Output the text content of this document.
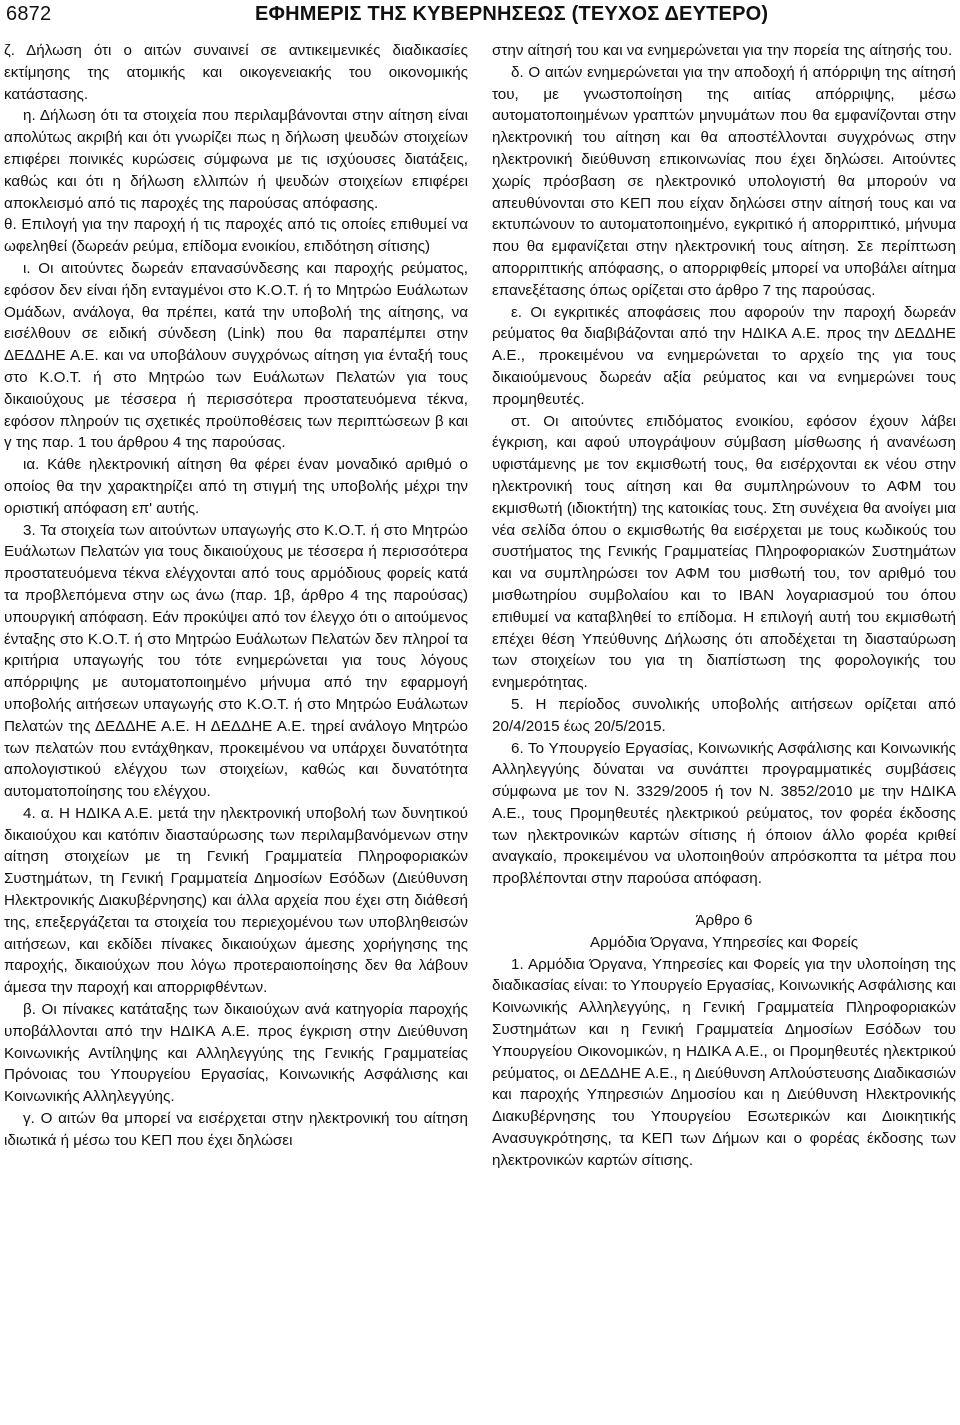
6872	ΕΦΗΜΕΡΙΣ ΤΗΣ ΚΥΒΕΡΝΗΣΕΩΣ (ΤΕΥΧΟΣ ΔΕΥΤΕΡΟ)

ζ. Δήλωση ότι ο αιτών συναινεί σε αντικειμενικές διαδικασίες εκτίμησης της ατομικής και οικογενειακής του οικονομικής κατάστασης.

η. Δήλωση ότι τα στοιχεία που περιλαμβάνονται στην αίτηση είναι απολύτως ακριβή και ότι γνωρίζει πως η δήλωση ψευδών στοιχείων επιφέρει ποινικές κυρώσεις σύμφωνα με τις ισχύουσες διατάξεις, καθώς και ότι η δήλωση ελλιπών ή ψευδών στοιχείων επιφέρει αποκλεισμό από τις παροχές της παρούσας απόφασης.

θ. Επιλογή για την παροχή ή τις παροχές από τις οποίες επιθυμεί να ωφεληθεί (δωρεάν ρεύμα, επίδομα ενοικίου, επιδότηση σίτισης)

ι. Οι αιτούντες δωρεάν επανασύνδεσης και παροχής ρεύματος, εφόσον δεν είναι ήδη ενταγμένοι στο Κ.Ο.Τ. ή το Μητρώο Ευάλωτων Ομάδων, ανάλογα, θα πρέπει, κατά την υποβολή της αίτησης, να εισέλθουν σε ειδική σύνδεση (Link) που θα παραπέμπει στην ΔΕΔΔΗΕ Α.Ε. και να υποβάλουν συγχρόνως αίτηση για ένταξή τους στο Κ.Ο.Τ. ή στο Μητρώο των Ευάλωτων Πελατών για τους δικαιούχους με τέσσερα ή περισσότερα προστατευόμενα τέκνα, εφόσον πληρούν τις σχετικές προϋποθέσεις των περιπτώσεων β και γ της παρ. 1 του άρθρου 4 της παρούσας.

ια. Κάθε ηλεκτρονική αίτηση θα φέρει έναν μοναδικό αριθμό ο οποίος θα την χαρακτηρίζει από τη στιγμή της υποβολής μέχρι την οριστική απόφαση επ' αυτής.

3. Τα στοιχεία των αιτούντων υπαγωγής στο Κ.Ο.Τ. ή στο Μητρώο Ευάλωτων Πελατών για τους δικαιούχους με τέσσερα ή περισσότερα προστατευόμενα τέκνα ελέγχονται από τους αρμόδιους φορείς κατά τα προβλεπόμενα στην ως άνω (παρ. 1β, άρθρο 4 της παρούσας) υπουργική απόφαση. Εάν προκύψει από τον έλεγχο ότι ο αιτούμενος ένταξης στο Κ.Ο.Τ. ή στο Μητρώο Ευάλωτων Πελατών δεν πληροί τα κριτήρια υπαγωγής του τότε ενημερώνεται για τους λόγους απόρριψης με αυτοματοποιημένο μήνυμα από την εφαρμογή υποβολής αιτήσεων υπαγωγής στο Κ.Ο.Τ. ή στο Μητρώο Ευάλωτων Πελατών της ΔΕΔΔΗΕ Α.Ε. Η ΔΕΔΔΗΕ Α.Ε. τηρεί ανάλογο Μητρώο των πελατών που εντάχθηκαν, προκειμένου να υπάρχει δυνατότητα απολογιστικού ελέγχου των στοιχείων, καθώς και δυνατότητα αυτοματοποίησης του ελέγχου.

4. α. Η ΗΔΙΚΑ Α.Ε. μετά την ηλεκτρονική υποβολή των δυνητικού δικαιούχου και κατόπιν διασταύρωσης των περιλαμβανόμενων στην αίτηση στοιχείων με τη Γενική Γραμματεία Πληροφοριακών Συστημάτων, τη Γενική Γραμματεία Δημοσίων Εσόδων (Διεύθυνση Ηλεκτρονικής Διακυβέρνησης) και άλλα αρχεία που έχει στη διάθεσή της, επεξεργάζεται τα στοιχεία του περιεχομένου των υποβληθεισών αιτήσεων, και εκδίδει πίνακες δικαιούχων άμεσης χορήγησης της παροχής, δικαιούχων που λόγω προτεραιοποίησης δεν θα λάβουν άμεσα την παροχή και απορριφθέντων.

β. Οι πίνακες κατάταξης των δικαιούχων ανά κατηγορία παροχής υποβάλλονται από την ΗΔΙΚΑ Α.Ε. προς έγκριση στην Διεύθυνση Κοινωνικής Αντίληψης και Αλληλεγγύης της Γενικής Γραμματείας Πρόνοιας του Υπουργείου Εργασίας, Κοινωνικής Ασφάλισης και Κοινωνικής Αλληλεγγύης.

γ. Ο αιτών θα μπορεί να εισέρχεται στην ηλεκτρονική του αίτηση ιδιωτικά ή μέσω του ΚΕΠ που έχει δηλώσει

στην αίτησή του και να ενημερώνεται για την πορεία της αίτησής του.

δ. Ο αιτών ενημερώνεται για την αποδοχή ή απόρριψη της αίτησή του, με γνωστοποίηση της αιτίας απόρριψης, μέσω αυτοματοποιημένων γραπτών μηνυμάτων που θα εμφανίζονται στην ηλεκτρονική του αίτηση και θα αποστέλλονται συγχρόνως στην ηλεκτρονική διεύθυνση επικοινωνίας που έχει δηλώσει. Αιτούντες χωρίς πρόσβαση σε ηλεκτρονικό υπολογιστή θα μπορούν να απευθύνονται στο ΚΕΠ που είχαν δηλώσει στην αίτησή τους και να εκτυπώνουν το αυτοματοποιημένο, εγκριτικό ή απορριπτικό, μήνυμα που θα εμφανίζεται στην ηλεκτρονική τους αίτηση. Σε περίπτωση απορριπτικής απόφασης, ο απορριφθείς μπορεί να υποβάλει αίτημα επανεξέτασης όπως ορίζεται στο άρθρο 7 της παρούσας.

ε. Οι εγκριτικές αποφάσεις που αφορούν την παροχή δωρεάν ρεύματος θα διαβιβάζονται από την ΗΔΙΚΑ Α.Ε. προς την ΔΕΔΔΗΕ Α.Ε., προκειμένου να ενημερώνεται το αρχείο της για τους δικαιούμενους δωρεάν αξία ρεύματος και να ενημερώνει τους προμηθευτές.

στ. Οι αιτούντες επιδόματος ενοικίου, εφόσον έχουν λάβει έγκριση, και αφού υπογράψουν σύμβαση μίσθωσης ή ανανέωση υφιστάμενης με τον εκμισθωτή τους, θα εισέρχονται εκ νέου στην ηλεκτρονική τους αίτηση και θα συμπληρώνουν το ΑΦΜ του εκμισθωτή (ιδιοκτήτη) της κατοικίας τους. Στη συνέχεια θα ανοίγει μια νέα σελίδα όπου ο εκμισθωτής θα εισέρχεται με τους κωδικούς του συστήματος της Γενικής Γραμματείας Πληροφοριακών Συστημάτων και να συμπληρώσει τον ΑΦΜ του μισθωτή του, τον αριθμό του μισθωτηρίου συμβολαίου και το IBAN λογαριασμού του όπου επιθυμεί να καταβληθεί το επίδομα. Η επιλογή αυτή του εκμισθωτή επέχει θέση Υπεύθυνης Δήλωσης ότι αποδέχεται τη διασταύρωση των στοιχείων του για τη διαπίστωση της φορολογικής του ενημερότητας.

5. Η περίοδος συνολικής υποβολής αιτήσεων ορίζεται από 20/4/2015 έως 20/5/2015.

6. Το Υπουργείο Εργασίας, Κοινωνικής Ασφάλισης και Κοινωνικής Αλληλεγγύης δύναται να συνάπτει προγραμματικές συμβάσεις σύμφωνα με τον Ν. 3329/2005 ή τον Ν. 3852/2010 με την ΗΔΙΚΑ Α.Ε., τους Προμηθευτές ηλεκτρικού ρεύματος, τον φορέα έκδοσης των ηλεκτρονικών καρτών σίτισης ή όποιον άλλο φορέα κριθεί αναγκαίο, προκειμένου να υλοποιηθούν απρόσκοπτα τα μέτρα που προβλέπονται στην παρούσα απόφαση.

Άρθρο 6

Αρμόδια Όργανα, Υπηρεσίες και Φορείς

1. Αρμόδια Όργανα, Υπηρεσίες και Φορείς για την υλοποίηση της διαδικασίας είναι: το Υπουργείο Εργασίας, Κοινωνικής Ασφάλισης και Κοινωνικής Αλληλεγγύης, η Γενική Γραμματεία Πληροφοριακών Συστημάτων και η Γενική Γραμματεία Δημοσίων Εσόδων του Υπουργείου Οικονομικών, η ΗΔΙΚΑ Α.Ε., οι Προμηθευτές ηλεκτρικού ρεύματος, οι ΔΕΔΔΗΕ Α.Ε., η Διεύθυνση Απλούστευσης Διαδικασιών και παροχής Υπηρεσιών Δημοσίου και η Διεύθυνση Ηλεκτρονικής Διακυβέρνησης του Υπουργείου Εσωτερικών και Διοικητικής Ανασυγκρότησης, τα ΚΕΠ των Δήμων και ο φορέας έκδοσης των ηλεκτρονικών καρτών σίτισης.
